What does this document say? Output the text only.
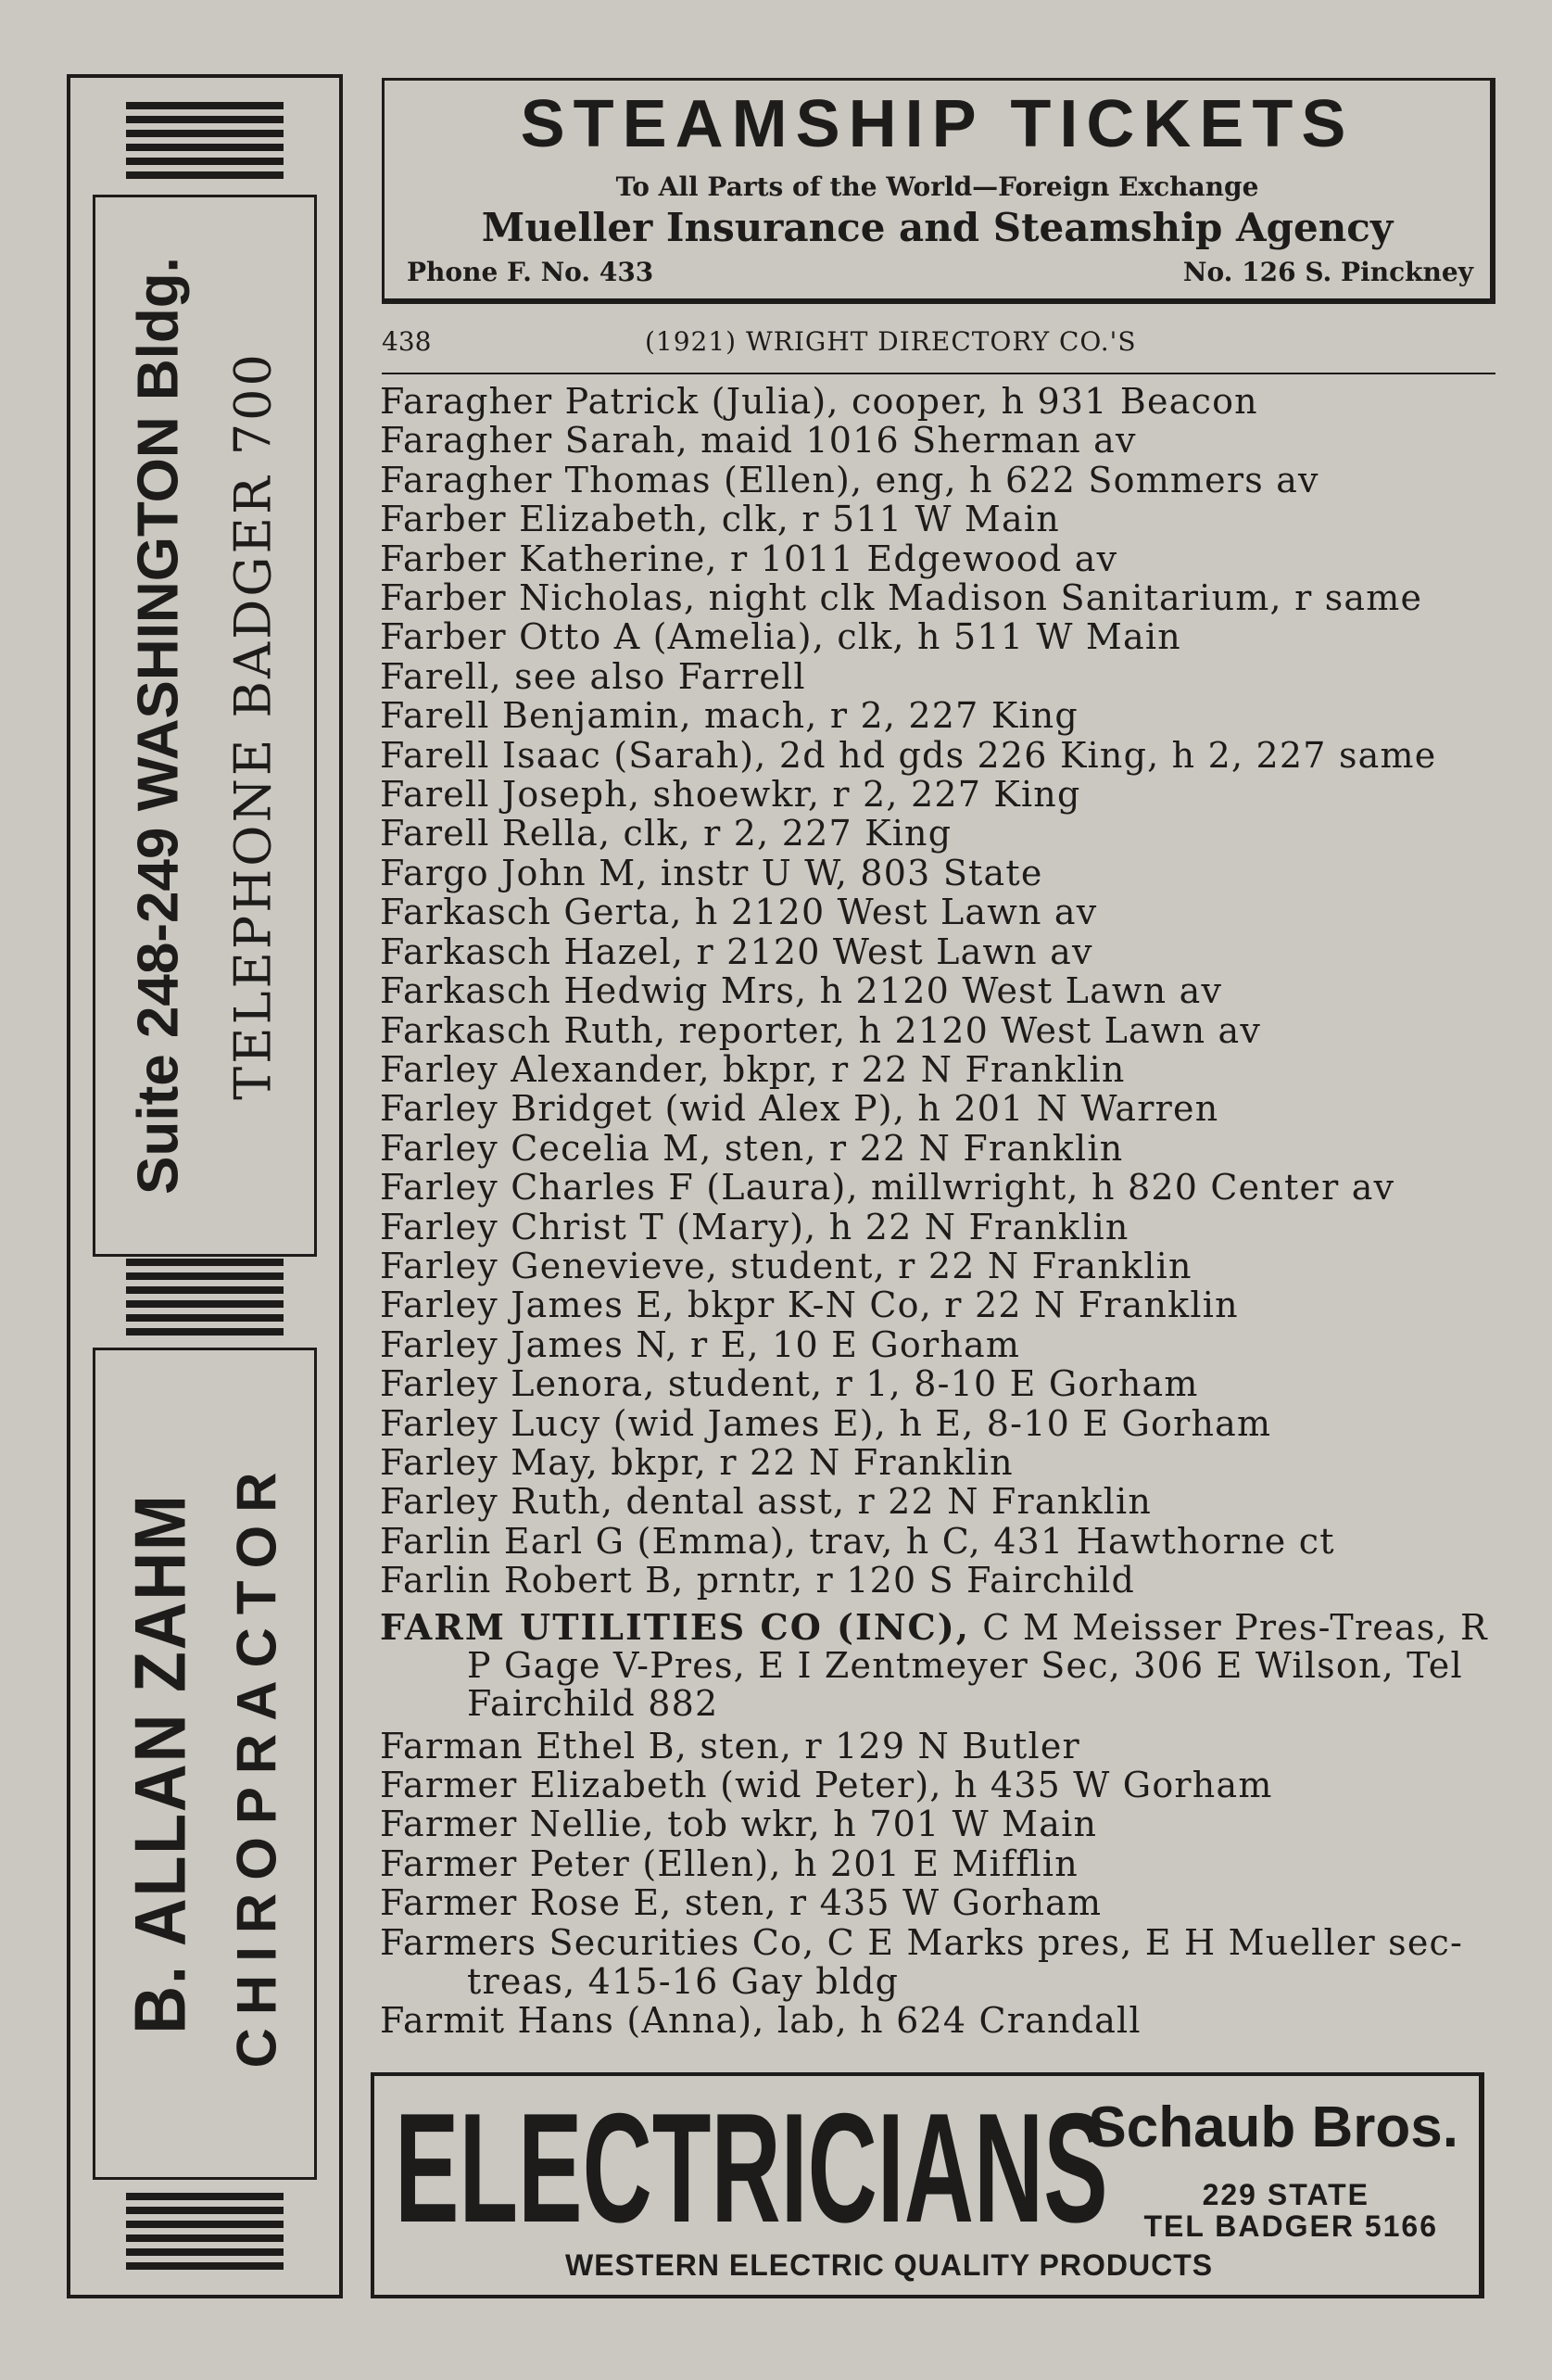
Suite 248-249 WASHINGTON Bldg. TELEPHONE BADGER 700
B. ALLAN ZAHM CHIROPRACTOR
STEAMSHIP TICKETS
To All Parts of the World—Foreign Exchange
Mueller Insurance and Steamship Agency
Phone F. No. 433	No. 126 S. Pinckney
438	(1921) WRIGHT DIRECTORY CO.'S
Faragher Patrick (Julia), cooper, h 931 Beacon
Faragher Sarah, maid 1016 Sherman av
Faragher Thomas (Ellen), eng, h 622 Sommers av
Farber Elizabeth, clk, r 511 W Main
Farber Katherine, r 1011 Edgewood av
Farber Nicholas, night clk Madison Sanitarium, r same
Farber Otto A (Amelia), clk, h 511 W Main
Farell, see also Farrell
Farell Benjamin, mach, r 2, 227 King
Farell Isaac (Sarah), 2d hd gds 226 King, h 2, 227 same
Farell Joseph, shoewkr, r 2, 227 King
Farell Rella, clk, r 2, 227 King
Fargo John M, instr U W, 803 State
Farkasch Gerta, h 2120 West Lawn av
Farkasch Hazel, r 2120 West Lawn av
Farkasch Hedwig Mrs, h 2120 West Lawn av
Farkasch Ruth, reporter, h 2120 West Lawn av
Farley Alexander, bkpr, r 22 N Franklin
Farley Bridget (wid Alex P), h 201 N Warren
Farley Cecelia M, sten, r 22 N Franklin
Farley Charles F (Laura), millwright, h 820 Center av
Farley Christ T (Mary), h 22 N Franklin
Farley Genevieve, student, r 22 N Franklin
Farley James E, bkpr K-N Co, r 22 N Franklin
Farley James N, r E, 10 E Gorham
Farley Lenora, student, r 1, 8-10 E Gorham
Farley Lucy (wid James E), h E, 8-10 E Gorham
Farley May, bkpr, r 22 N Franklin
Farley Ruth, dental asst, r 22 N Franklin
Farlin Earl G (Emma), trav, h C, 431 Hawthorne ct
Farlin Robert B, prntr, r 120 S Fairchild
FARM UTILITIES CO (INC), C M Meisser Pres-Treas, R P Gage V-Pres, E I Zentmeyer Sec, 306 E Wilson, Tel Fairchild 882
Farman Ethel B, sten, r 129 N Butler
Farmer Elizabeth (wid Peter), h 435 W Gorham
Farmer Nellie, tob wkr, h 701 W Main
Farmer Peter (Ellen), h 201 E Mifflin
Farmer Rose E, sten, r 435 W Gorham
Farmers Securities Co, C E Marks pres, E H Mueller sec-treas, 415-16 Gay bldg
Farmit Hans (Anna), lab, h 624 Crandall
ELECTRICIANS
Schaub Bros.
229 STATE
TEL BADGER 5166
WESTERN ELECTRIC QUALITY PRODUCTS
